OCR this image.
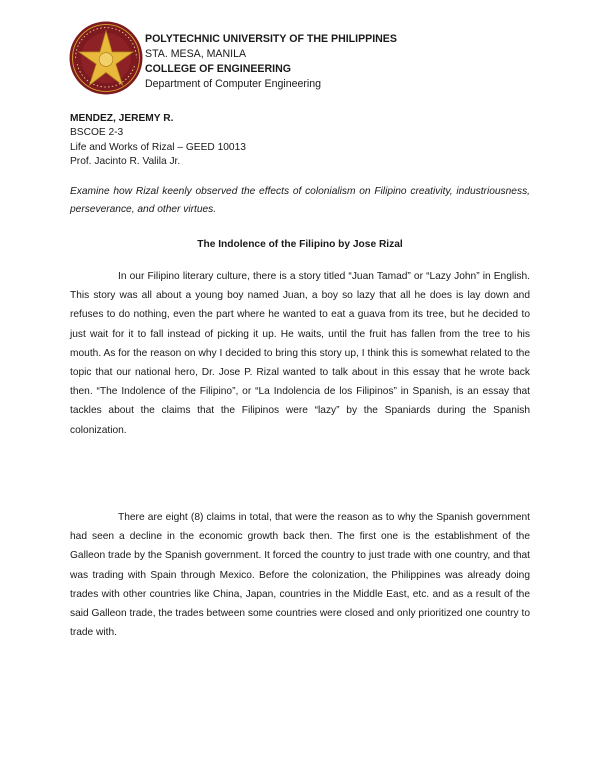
POLYTECHNIC UNIVERSITY OF THE PHILIPPINES
STA. MESA, MANILA
COLLEGE OF ENGINEERING
Department of Computer Engineering
MENDEZ, JEREMY R.
BSCOE 2-3
Life and Works of Rizal – GEED 10013
Prof. Jacinto R. Valila Jr.
Examine how Rizal keenly observed the effects of colonialism on Filipino creativity, industriousness, perseverance, and other virtues.
The Indolence of the Filipino by Jose Rizal

In our Filipino literary culture, there is a story titled “Juan Tamad” or “Lazy John” in English. This story was all about a young boy named Juan, a boy so lazy that all he does is lay down and refuses to do nothing, even the part where he wanted to eat a guava from its tree, but he decided to just wait for it to fall instead of picking it up. He waits, until the fruit has fallen from the tree to his mouth. As for the reason on why I decided to bring this story up, I think this is somewhat related to the topic that our national hero, Dr. Jose P. Rizal wanted to talk about in this essay that he wrote back then. “The Indolence of the Filipino”, or “La Indolencia de los Filipinos” in Spanish, is an essay that tackles about the claims that the Filipinos were “lazy” by the Spaniards during the Spanish colonization.

There are eight (8) claims in total, that were the reason as to why the Spanish government had seen a decline in the economic growth back then. The first one is the establishment of the Galleon trade by the Spanish government. It forced the country to just trade with one country, and that was trading with Spain through Mexico. Before the colonization, the Philippines was already doing trades with other countries like China, Japan, countries in the Middle East, etc. and as a result of the said Galleon trade, the trades between some countries were closed and only prioritized one country to trade with.
